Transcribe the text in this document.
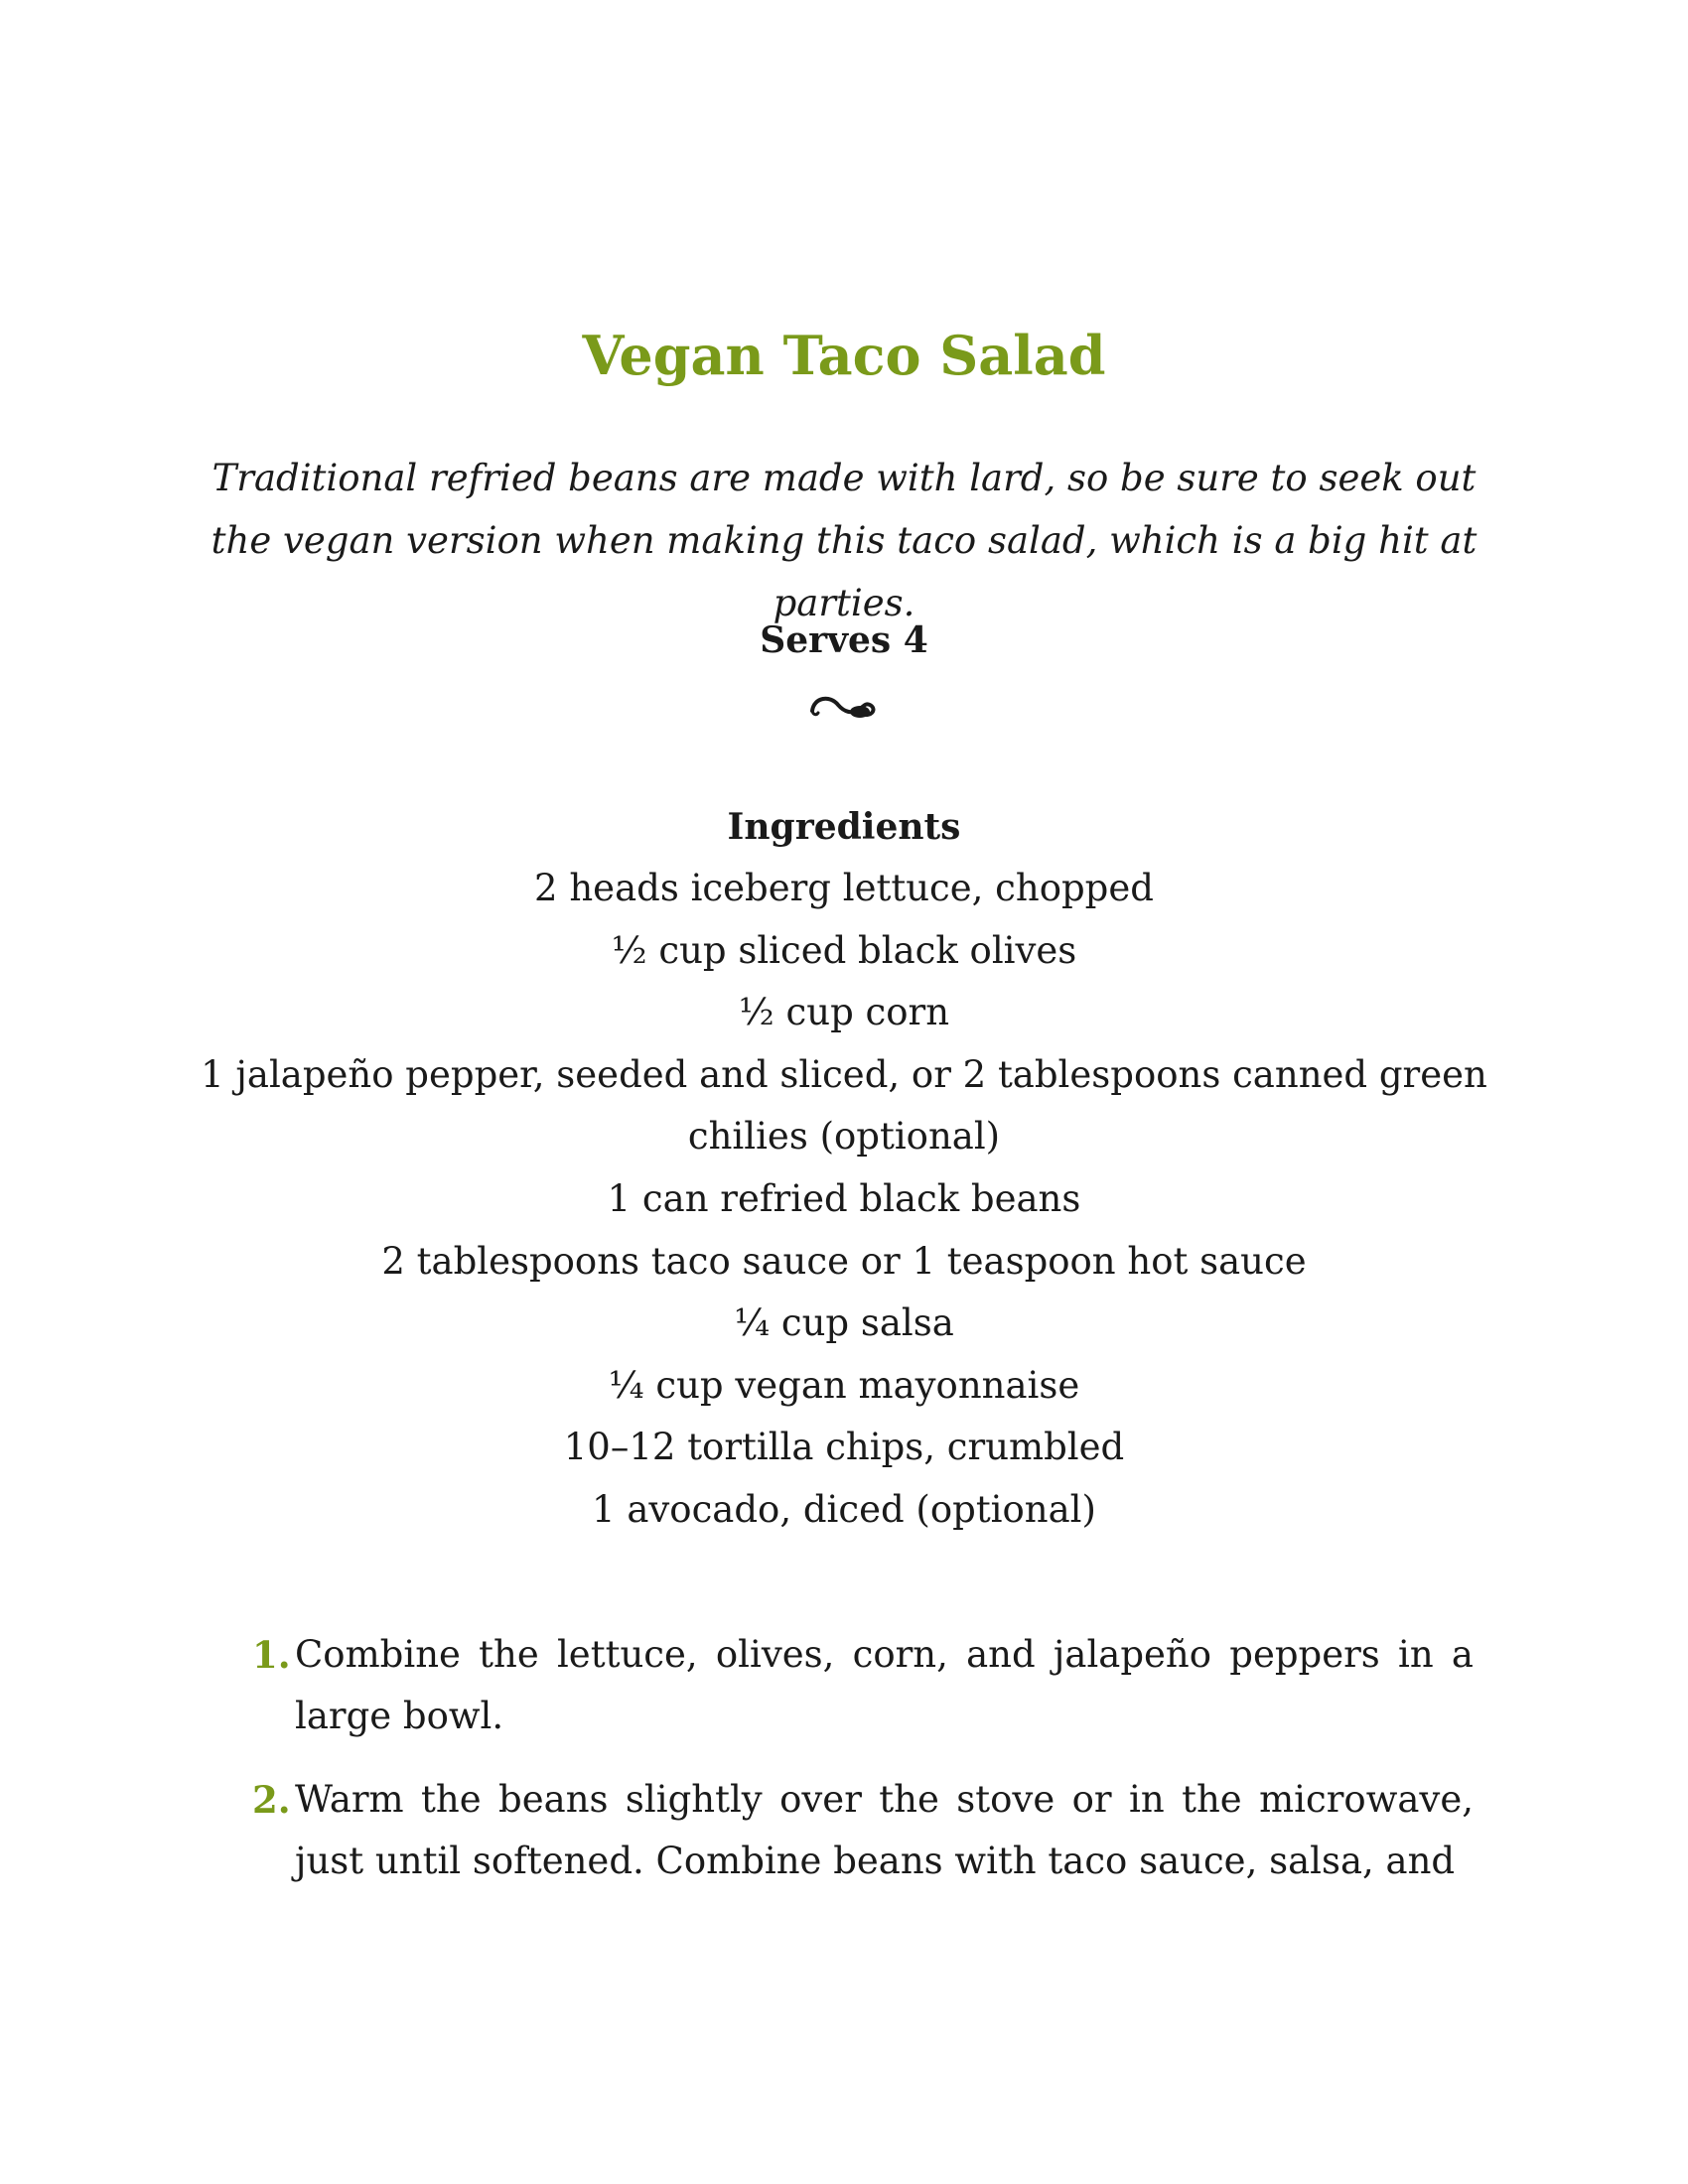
Vegan Taco Salad

Traditional refried beans are made with lard, so be sure to seek out the vegan version when making this taco salad, which is a big hit at parties.

Serves 4

Ingredients
2 heads iceberg lettuce, chopped
½ cup sliced black olives
½ cup corn
1 jalapeño pepper, seeded and sliced, or 2 tablespoons canned green chilies (optional)
1 can refried black beans
2 tablespoons taco sauce or 1 teaspoon hot sauce
¼ cup salsa
¼ cup vegan mayonnaise
10–12 tortilla chips, crumbled
1 avocado, diced (optional)
1. Combine the lettuce, olives, corn, and jalapeño peppers in a large bowl.
2. Warm the beans slightly over the stove or in the microwave, just until softened. Combine beans with taco sauce, salsa, and
